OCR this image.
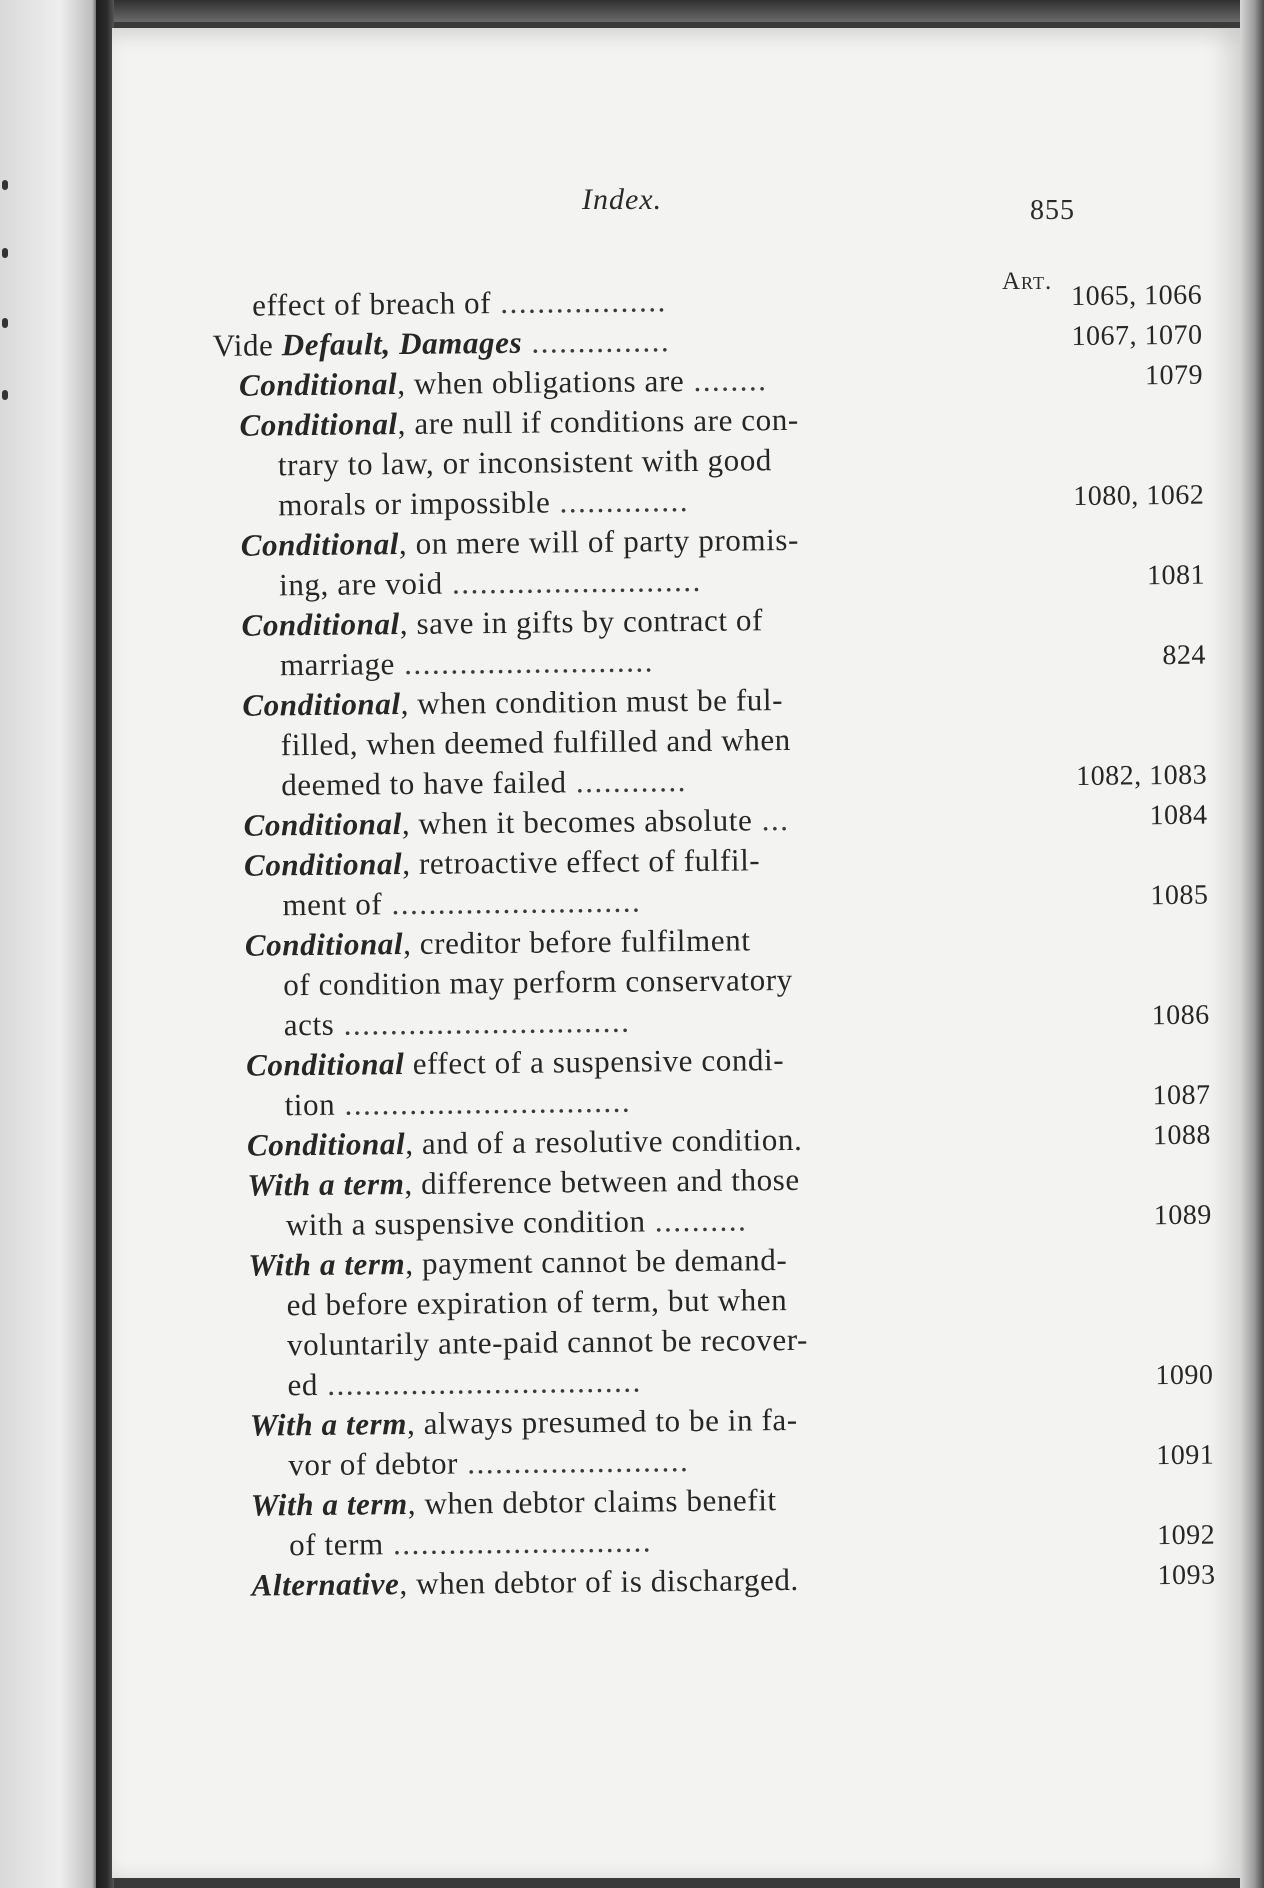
Index.	855
Art.
effect of breach of ..................	1065, 1066
Vide Default, Damages ...............	1067, 1070
Conditional, when obligations are ........	1079
Conditional, are null if conditions are con-
trary to law, or inconsistent with good
morals or impossible ..............	1080, 1062
Conditional, on mere will of party promis-
ing, are void ...........................	1081
Conditional, save in gifts by contract of
marriage ...........................	824
Conditional, when condition must be ful-
filled, when deemed fulfilled and when
deemed to have failed ............	1082, 1083
Conditional, when it becomes absolute ...	1084
Conditional, retroactive effect of fulfil-
ment of ...........................	1085
Conditional, creditor before fulfilment
of condition may perform conservatory
acts ...............................	1086
Conditional effect of a suspensive condi-
tion ...............................	1087
Conditional, and of a resolutive condition.	1088
With a term, difference between and those
with a suspensive condition ..........	1089
With a term, payment cannot be demand-
ed before expiration of term, but when
voluntarily ante-paid cannot be recover-
ed ..................................	1090
With a term, always presumed to be in fa-
vor of debtor ........................	1091
With a term, when debtor claims benefit
of term ............................	1092
Alternative, when debtor of is discharged.	1093
